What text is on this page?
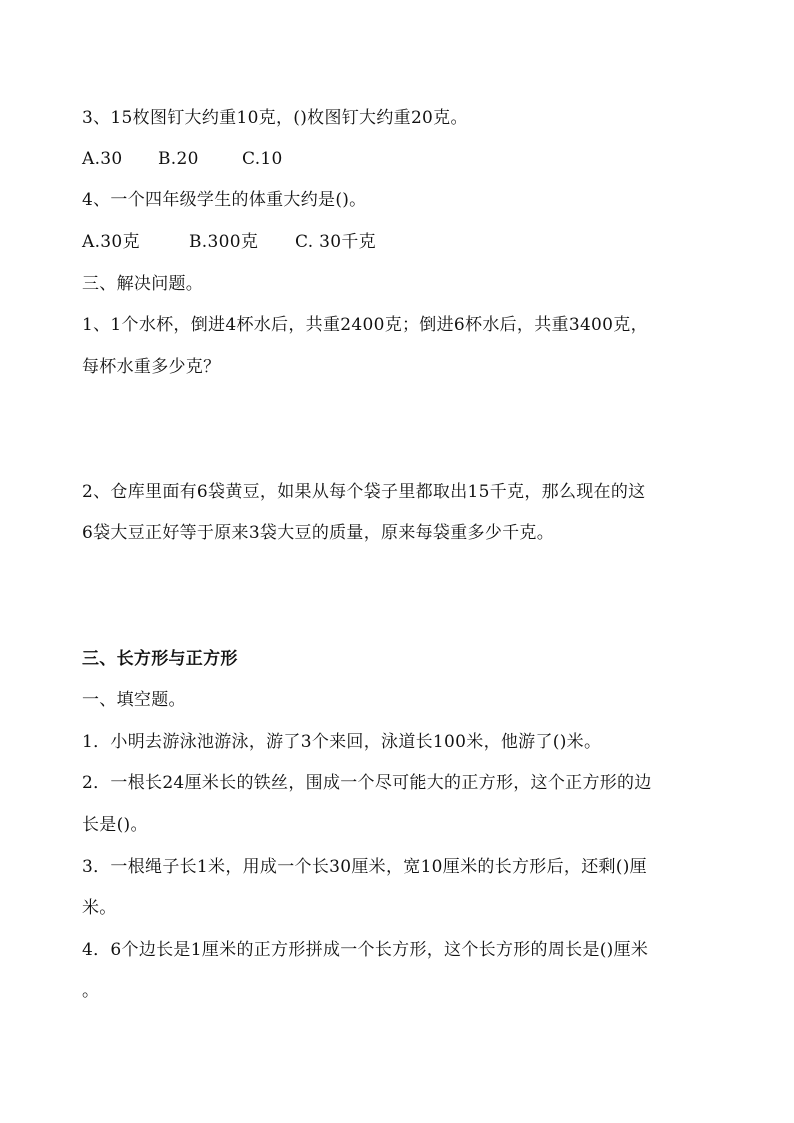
3、15枚图钉大约重10克，()枚图钉大约重20克。
A.30 B.20	C.10
4、一个四年级学生的体重大约是()。
A.30克	B.300克 C. 30千克
三、解决问题。
1、1个水杯，倒进4杯水后，共重2400克；倒进6杯水后，共重3400克，
每杯水重多少克？
2、仓库里面有6袋黄豆，如果从每个袋子里都取出15千克，那么现在的这
6袋大豆正好等于原来3袋大豆的质量，原来每袋重多少千克。
三、长方形与正方形
一、填空题。
1．小明去游泳池游泳，游了3个来回，泳道长100米，他游了()米。
2．一根长24厘米长的铁丝，围成一个尽可能大的正方形，这个正方形的边
长是()。
3．一根绳子长1米，用成一个长30厘米，宽10厘米的长方形后，还剩()厘
米。
4．6个边长是1厘米的正方形拼成一个长方形，这个长方形的周长是()厘米
。
